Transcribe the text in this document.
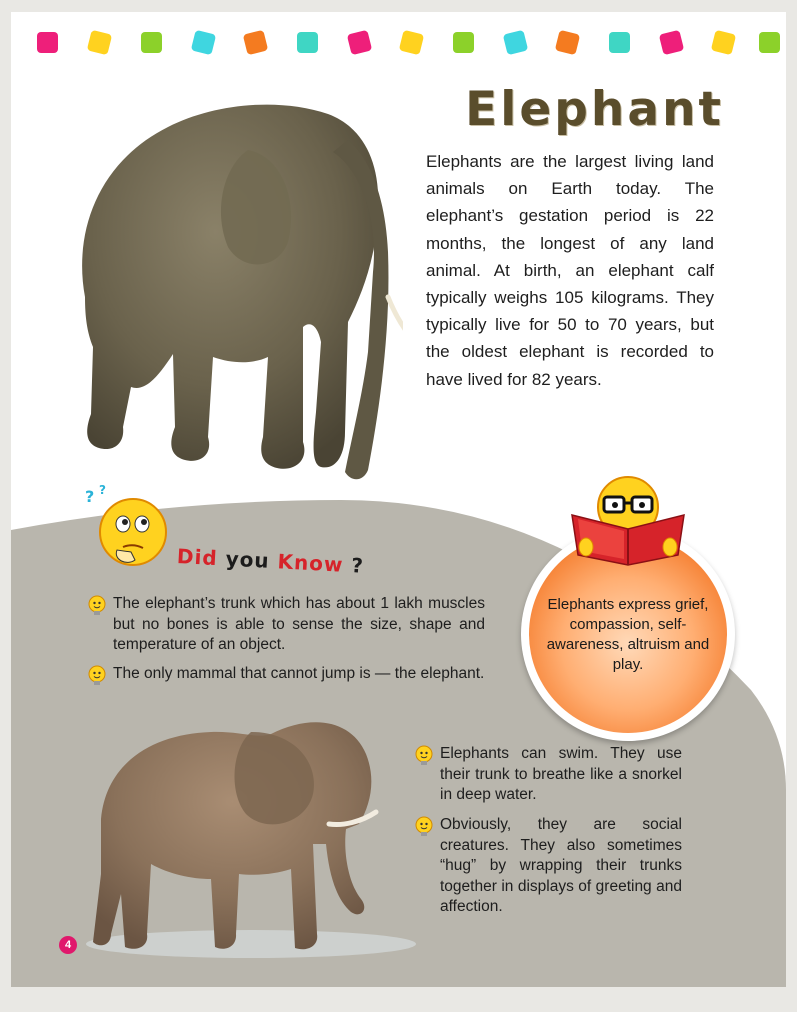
Elephant

Elephants are the largest living land animals on Earth today. The elephant’s gestation period is 22 months, the longest of any land animal. At birth, an elephant calf typically weighs 105 kilograms. They typically live for 50 to 70 years, but the oldest elephant is recorded to have lived for 82 years.

? ?
Did you Know ?
The elephant’s trunk which has about 1 lakh muscles but no bones is able to sense the size, shape and temperature of an object.
The only mammal that cannot jump is — the elephant.
Elephants can swim. They use their trunk to breathe like a snorkel in deep water.
Obviously, they are social creatures. They also sometimes “hug” by wrapping their trunks together in displays of greeting and affection.

Elephants express grief, compassion, self-awareness, altruism and play.

4
